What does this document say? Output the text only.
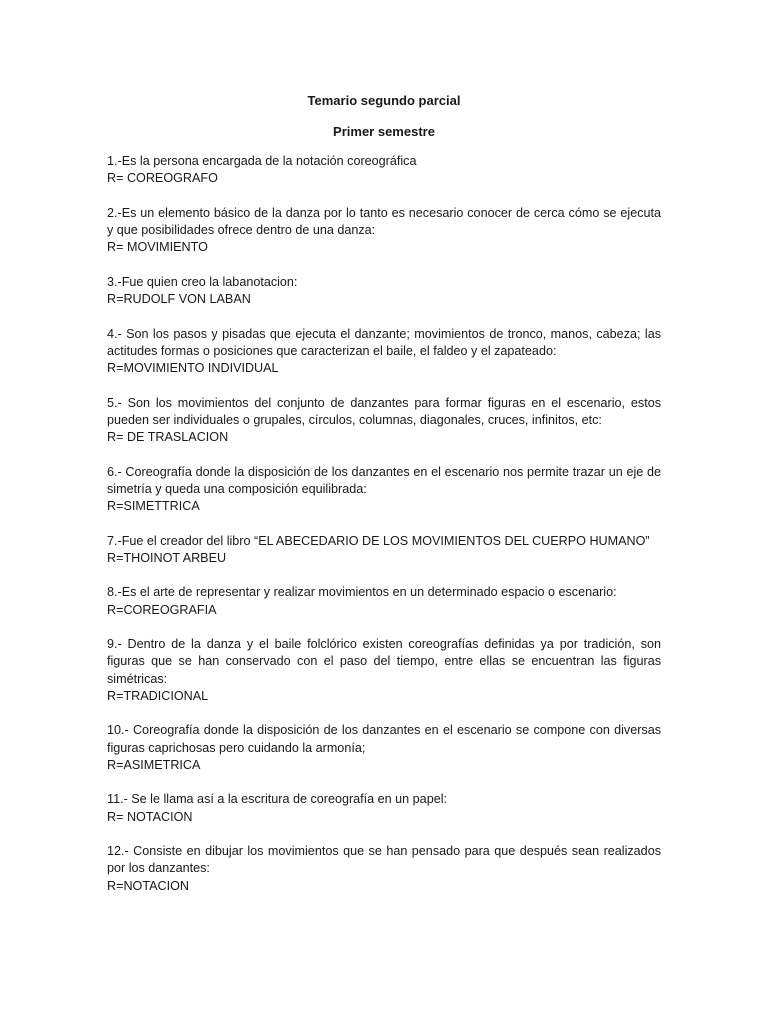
Temario segundo parcial
Primer semestre

1.-Es la persona encargada de la notación coreográfica

R= COREOGRAFO

2.-Es un elemento básico de la danza por lo tanto es necesario conocer de cerca cómo se ejecuta y que posibilidades ofrece dentro de una danza:

R= MOVIMIENTO

3.-Fue quien creo la labanotacion:

R=RUDOLF VON LABAN

4.- Son los pasos y pisadas que ejecuta el danzante; movimientos de tronco, manos, cabeza; las actitudes formas o posiciones que caracterizan el baile, el faldeo y el zapateado:

R=MOVIMIENTO INDIVIDUAL

5.- Son los movimientos del conjunto de danzantes para formar figuras en el escenario, estos pueden ser individuales o grupales, círculos, columnas, diagonales, cruces, infinitos, etc:

R= DE TRASLACION

6.- Coreografía donde la disposición de los danzantes en el escenario nos permite trazar un eje de simetría y queda una composición equilibrada:

R=SIMETTRICA

7.-Fue el creador del libro “EL ABECEDARIO DE LOS MOVIMIENTOS DEL CUERPO HUMANO”

R=THOINOT ARBEU

8.-Es el arte de representar y realizar movimientos en un determinado espacio o escenario:

R=COREOGRAFIA

9.- Dentro de la danza y el baile folclórico existen coreografías definidas ya por tradición, son figuras que se han conservado con el paso del tiempo, entre ellas se encuentran las figuras simétricas:

R=TRADICIONAL

10.- Coreografía donde la disposición de los danzantes en el escenario se compone con diversas figuras caprichosas pero cuidando la armonía;

R=ASIMETRICA

11.- Se le llama así a la escritura de coreografía en un papel:

R= NOTACION

12.- Consiste en dibujar los movimientos que se han pensado para que después sean realizados por los danzantes:

R=NOTACION
